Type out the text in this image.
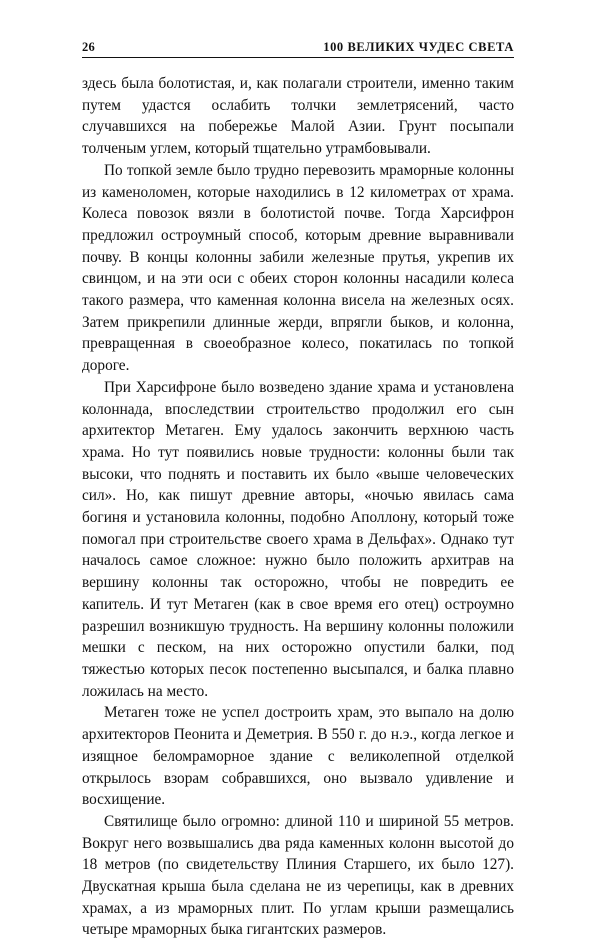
26	100 ВЕЛИКИХ ЧУДЕС СВЕТА

здесь была болотистая, и, как полагали строители, именно таким путем удастся ослабить толчки землетрясений, часто случавшихся на побережье Малой Азии. Грунт посыпали толченым углем, который тщательно утрамбовывали.

По топкой земле было трудно перевозить мраморные колонны из каменоломен, которые находились в 12 километрах от храма. Колеса повозок вязли в болотистой почве. Тогда Харсифрон предложил остроумный способ, которым древние выравнивали почву. В концы колонны забили железные прутья, укрепив их свинцом, и на эти оси с обеих сторон колонны насадили колеса такого размера, что каменная колонна висела на железных осях. Затем прикрепили длинные жерди, впрягли быков, и колонна, превращенная в своеобразное колесо, покатилась по топкой дороге.

При Харсифроне было возведено здание храма и установлена колоннада, впоследствии строительство продолжил его сын архитектор Метаген. Ему удалось закончить верхнюю часть храма. Но тут появились новые трудности: колонны были так высоки, что поднять и поставить их было «выше человеческих сил». Но, как пишут древние авторы, «ночью явилась сама богиня и установила колонны, подобно Аполлону, который тоже помогал при строительстве своего храма в Дельфах». Однако тут началось самое сложное: нужно было положить архитрав на вершину колонны так осторожно, чтобы не повредить ее капитель. И тут Метаген (как в свое время его отец) остроумно разрешил возникшую трудность. На вершину колонны положили мешки с песком, на них осторожно опустили балки, под тяжестью которых песок постепенно высыпался, и балка плавно ложилась на место.

Метаген тоже не успел достроить храм, это выпало на долю архитекторов Пеонита и Деметрия. В 550 г. до н.э., когда легкое и изящное беломраморное здание с великолепной отделкой открылось взорам собравшихся, оно вызвало удивление и восхищение.

Святилище было огромно: длиной 110 и шириной 55 метров. Вокруг него возвышались два ряда каменных колонн высотой до 18 метров (по свидетельству Плиния Старшего, их было 127). Двускатная крыша была сделана не из черепицы, как в древних храмах, а из мраморных плит. По углам крыши размещались четыре мраморных быка гигантских размеров.
